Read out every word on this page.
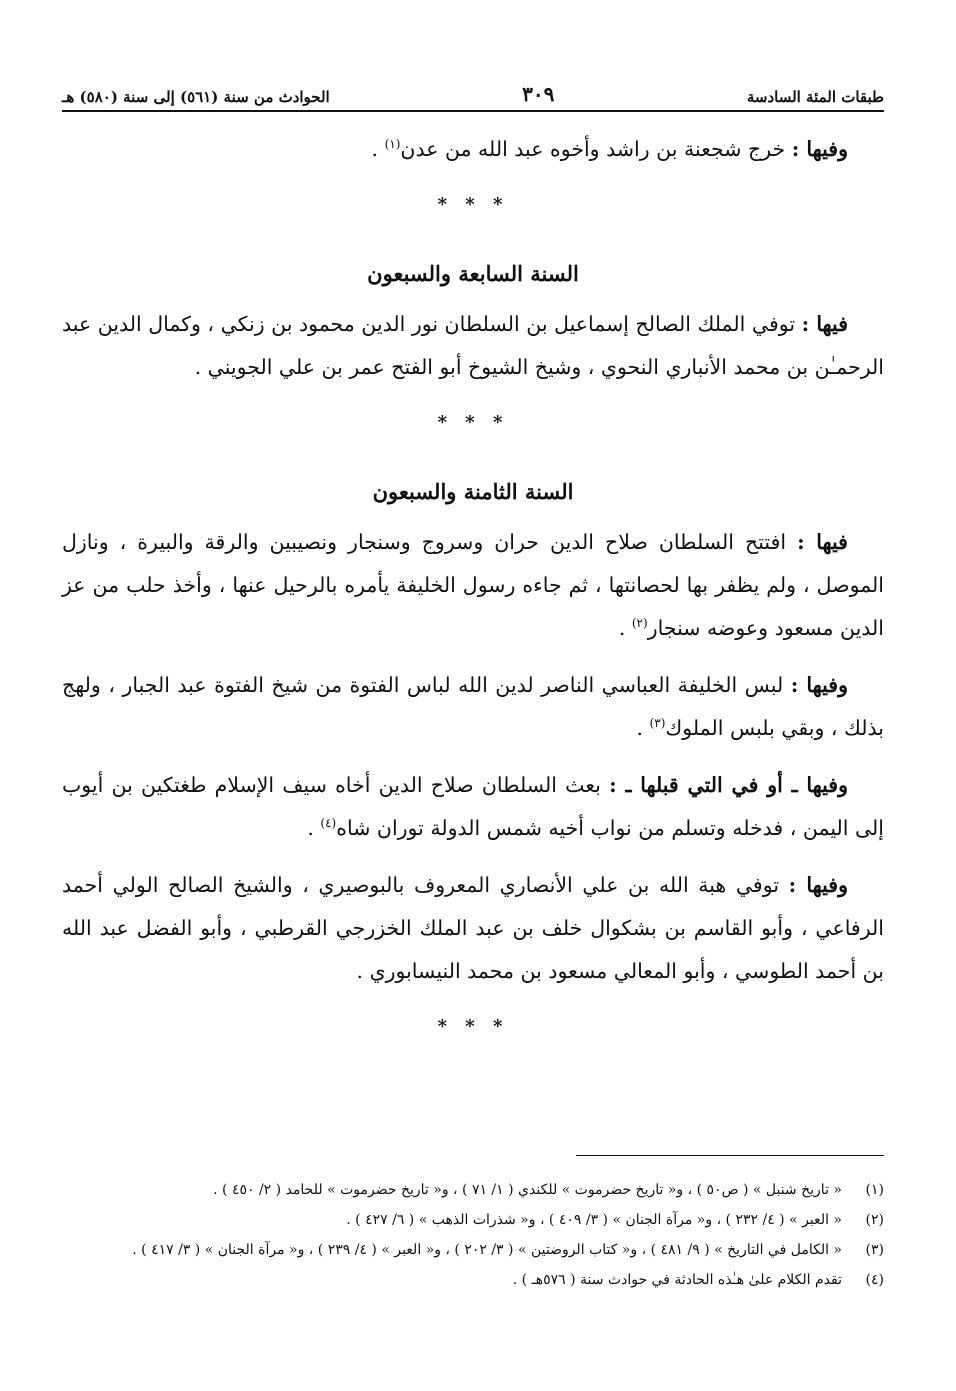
طبقات المئة السادسة
٣٠٩
الحوادث من سنة (٥٦١) إلى سنة (٥٨٠) هـ

وفيها : خرج شجعنة بن راشد وأخوه عبد الله من عدن$^{(١)}$ .

* * *
السنة السابعة والسبعون

فيها : توفي الملك الصالح إسماعيل بن السلطان نور الدين محمود بن زنكي ، وكمال الدين عبد الرحمـٰن بن محمد الأنباري النحوي ، وشيخ الشيوخ أبو الفتح عمر بن علي الجويني .

* * *
السنة الثامنة والسبعون

فيها : افتتح السلطان صلاح الدين حران وسروج وسنجار ونصيبين والرقة والبيرة ، ونازل الموصل ، ولم يظفر بها لحصانتها ، ثم جاءه رسول الخليفة يأمره بالرحيل عنها ، وأخذ حلب من عز الدين مسعود وعوضه سنجار$^{(٢)}$ .

وفيها : لبس الخليفة العباسي الناصر لدين الله لباس الفتوة من شيخ الفتوة عبد الجبار ، ولهج بذلك ، وبقي بلبس الملوك$^{(٣)}$ .

وفيها ـ أو في التي قبلها ـ : بعث السلطان صلاح الدين أخاه سيف الإسلام طغتكين بن أيوب إلى اليمن ، فدخله وتسلم من نواب أخيه شمس الدولة توران شاه$^{(٤)}$ .

وفيها : توفي هبة الله بن علي الأنصاري المعروف بالبوصيري ، والشيخ الصالح الولي أحمد الرفاعي ، وأبو القاسم بن بشكوال خلف بن عبد الملك الخزرجي القرطبي ، وأبو الفضل عبد الله بن أحمد الطوسي ، وأبو المعالي مسعود بن محمد النيسابوري .

* * *
(١)
« تاريخ شنبل » ( ص٥٠ ) ، و« تاريخ حضرموت » للكندي ( ١/ ٧١ ) ، و« تاريخ حضرموت » للحامد ( ٢/ ٤٥٠ ) .
(٢)
« العبر » ( ٤/ ٢٣٢ ) ، و« مرآة الجنان » ( ٣/ ٤٠٩ ) ، و« شذرات الذهب » ( ٦/ ٤٢٧ ) .
(٣)
« الكامل في التاريخ » ( ٩/ ٤٨١ ) ، و« كتاب الروضتين » ( ٣/ ٢٠٢ ) ، و« العبر » ( ٤/ ٢٣٩ ) ، و« مرآة الجنان » ( ٣/ ٤١٧ ) .
(٤)
تقدم الكلام علىٰ هـٰذه الحادثة في حوادث سنة ( ٥٧٦هـ ) .
